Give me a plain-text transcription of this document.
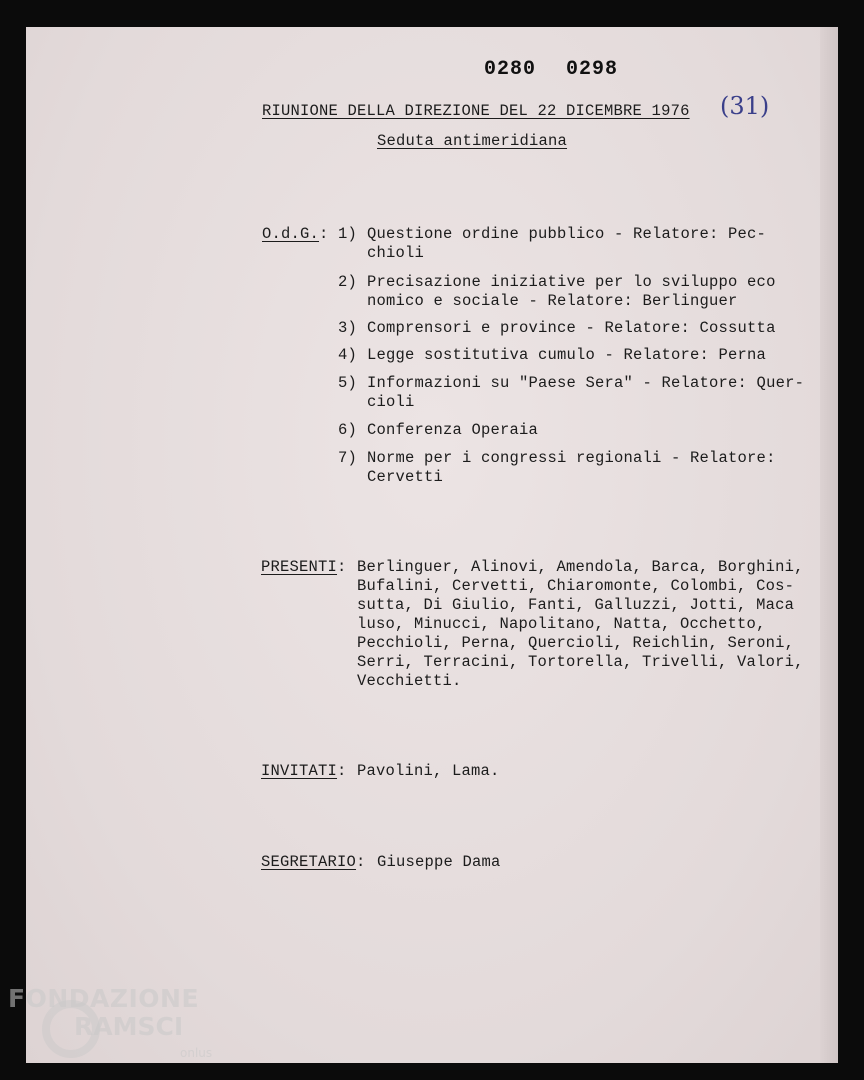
0280 0298
RIUNIONE DELLA DIREZIONE DEL 22 DICEMBRE 1976 (31)
Seduta antimeridiana
O.d.G.: 1) Questione ordine pubblico - Relatore: Pec-
chioli
2) Precisazione iniziative per lo sviluppo eco
nomico e sociale - Relatore: Berlinguer
3) Comprensori e province - Relatore: Cossutta
4) Legge sostitutiva cumulo - Relatore: Perna
5) Informazioni su "Paese Sera" - Relatore: Quer-
cioli
6) Conferenza Operaia
7) Norme per i congressi regionali - Relatore:
Cervetti
PRESENTI: Berlinguer, Alinovi, Amendola, Barca, Borghini,
Bufalini, Cervetti, Chiaromonte, Colombi, Cos-
sutta, Di Giulio, Fanti, Galluzzi, Jotti, Maca
luso, Minucci, Napolitano, Natta, Occhetto,
Pecchioli, Perna, Quercioli, Reichlin, Seroni,
Serri, Terracini, Tortorella, Trivelli, Valori,
Vecchietti.
INVITATI: Pavolini, Lama.
SEGRETARIO: Giuseppe Dama
FONDAZIONE
RAMSCI
onlus
